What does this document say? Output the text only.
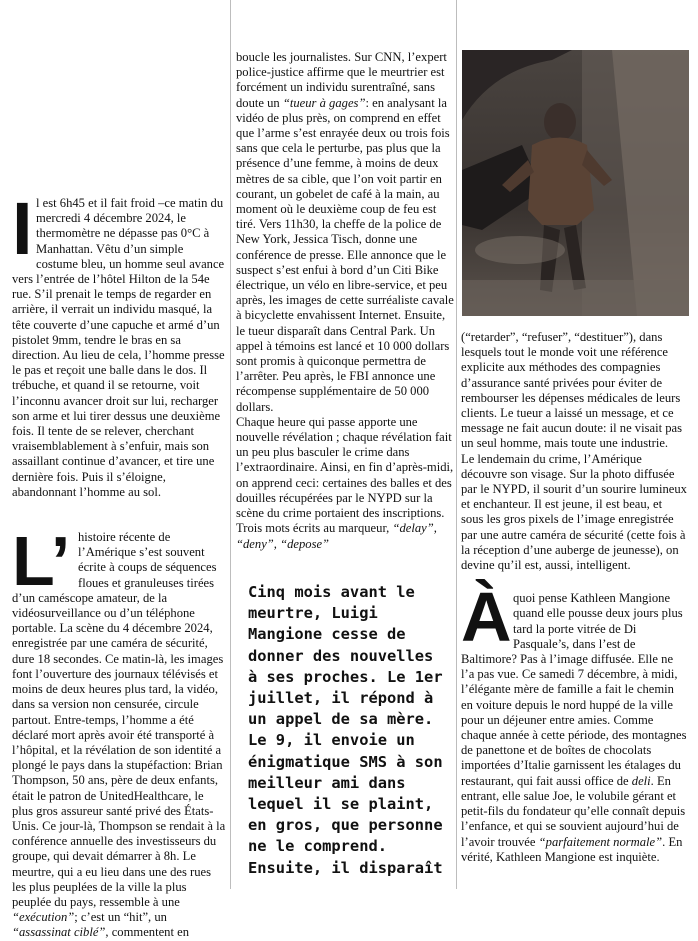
Il est 6h45 et il fait froid –ce matin du mercredi 4 décembre 2024, le thermomètre ne dépasse pas 0°C à Manhattan. Vêtu d’un simple costume bleu, un homme seul avance vers l’entrée de l’hôtel Hilton de la 54e rue. S’il prenait le temps de regarder en arrière, il verrait un individu masqué, la tête couverte d’une capuche et armé d’un pistolet 9mm, tendre le bras en sa direction. Au lieu de cela, l’homme presse le pas et reçoit une balle dans le dos. Il trébuche, et quand il se retourne, voit l’inconnu avancer droit sur lui, recharger son arme et lui tirer dessus une deuxième fois. Il tente de se relever, cherchant vraisemblablement à s’enfuir, mais son assaillant continue d’avancer, et tire une dernière fois. Puis il s’éloigne, abandonnant l’homme au sol.

L’ histoire récente de l’Amérique s’est souvent écrite à coups de séquences floues et granuleuses tirées d’un caméscope amateur, de la vidéosurveillance ou d’un téléphone portable. La scène du 4 décembre 2024, enregistrée par une caméra de sécurité, dure 18 secondes. Ce matin-là, les images font l’ouverture des journaux télévisés et moins de deux heures plus tard, la vidéo, dans sa version non censurée, circule partout. Entre-temps, l’homme a été déclaré mort après avoir été transporté à l’hôpital, et la révélation de son identité a plongé le pays dans la stupéfaction: Brian Thompson, 50 ans, père de deux enfants, était le patron de UnitedHealthcare, le plus gros assureur santé privé des États-Unis. Ce jour-là, Thompson se rendait à la conférence annuelle des investisseurs du groupe, qui devait démarrer à 8h. Le meurtre, qui a eu lieu dans une des rues les plus peuplées de la ville la plus peuplée du pays, ressemble à une “exécution”; c’est un “hit”, un “assassinat ciblé”, commentent en

boucle les journalistes. Sur CNN, l’expert police-justice affirme que le meurtrier est forcément un individu surentraîné, sans doute un “tueur à gages”: en analysant la vidéo de plus près, on comprend en effet que l’arme s’est enrayée deux ou trois fois sans que cela le perturbe, pas plus que la présence d’une femme, à moins de deux mètres de sa cible, que l’on voit partir en courant, un gobelet de café à la main, au moment où le deuxième coup de feu est tiré. Vers 11h30, la cheffe de la police de New York, Jessica Tisch, donne une conférence de presse. Elle annonce que le suspect s’est enfui à bord d’un Citi Bike électrique, un vélo en libre-service, et peu après, les images de cette surréaliste cavale à bicyclette envahissent Internet. Ensuite, le tueur disparaît dans Central Park. Un appel à témoins est lancé et 10 000 dollars sont promis à quiconque permettra de l’arrêter. Peu après, le FBI annonce une récompense supplémentaire de 50 000 dollars.

Chaque heure qui passe apporte une nouvelle révélation ; chaque révélation fait un peu plus basculer le crime dans l’extraordinaire. Ainsi, en fin d’après-midi, on apprend ceci: certaines des balles et des douilles récupérées par le NYPD sur la scène du crime portaient des inscriptions. Trois mots écrits au marqueur, “delay”, “deny”, “depose”

Cinq mois avant le meurtre, Luigi Mangione cesse de donner des nouvelles à ses proches. Le 1er juillet, il répond à un appel de sa mère. Le 9, il envoie un énigmatique SMS à son meilleur ami dans lequel il se plaint, en gros, que personne ne le comprend. Ensuite, il disparaît

(“retarder”, “refuser”, “destituer”), dans lesquels tout le monde voit une référence explicite aux méthodes des compagnies d’assurance santé privées pour éviter de rembourser les dépenses médicales de leurs clients. Le tueur a laissé un message, et ce message ne fait aucun doute: il ne visait pas un seul homme, mais toute une industrie.

Le lendemain du crime, l’Amérique découvre son visage. Sur la photo diffusée par le NYPD, il sourit d’un sourire lumineux et enchanteur. Il est jeune, il est beau, et sous les gros pixels de l’image enregistrée par une autre caméra de sécurité (cette fois à la réception d’une auberge de jeunesse), on devine qu’il est, aussi, intelligent.

Àquoi pense Kathleen Mangione quand elle pousse deux jours plus tard la porte vitrée de Di Pasquale’s, dans l’est de Baltimore? Pas à l’image diffusée. Elle ne l’a pas vue. Ce samedi 7 décembre, à midi, l’élégante mère de famille a fait le chemin en voiture depuis le nord huppé de la ville pour un déjeuner entre amies. Comme chaque année à cette période, des montagnes de panettone et de boîtes de chocolats importées d’Italie garnissent les étalages du restaurant, qui fait aussi office de deli. En entrant, elle salue Joe, le volubile gérant et petit-fils du fondateur qu’elle connaît depuis l’enfance, et qui se souvient aujourd’hui de l’avoir trouvée “parfaitement normale”. En vérité, Kathleen Mangione est inquiète.
